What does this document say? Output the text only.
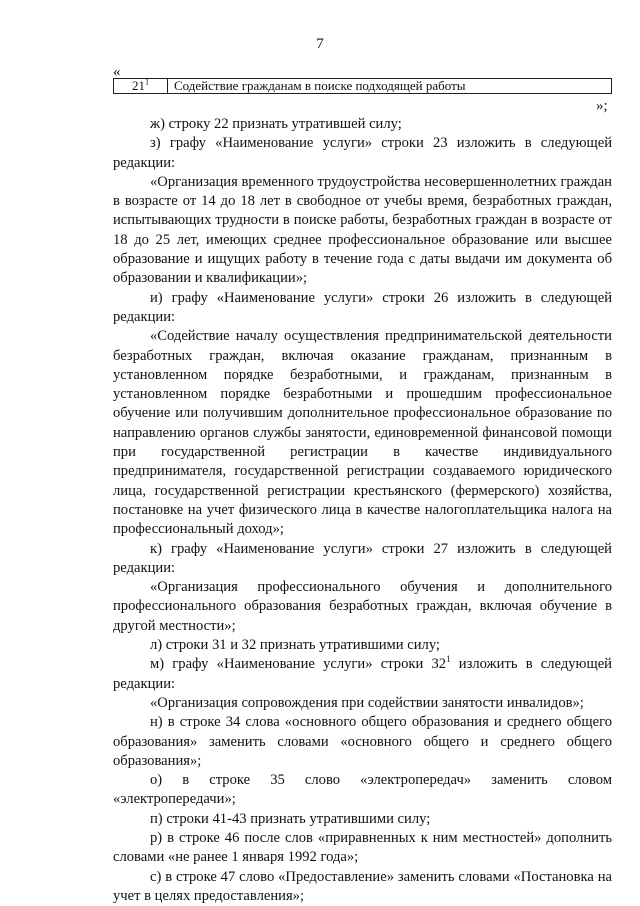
7
«
$21^1$	Содействие гражданам в поиске подходящей работы
»;

ж) строку 22 признать утратившей силу;

з) графу «Наименование услуги» строки 23 изложить в следующей редакции:

«Организация временного трудоустройства несовершеннолетних граждан в возрасте от 14 до 18 лет в свободное от учебы время, безработных граждан, испытывающих трудности в поиске работы, безработных граждан в возрасте от 18 до 25 лет, имеющих среднее профессиональное образование или высшее образование и ищущих работу в течение года с даты выдачи им документа об образовании и квалификации»;

и) графу «Наименование услуги» строки 26 изложить в следующей редакции:

«Содействие началу осуществления предпринимательской деятельности безработных граждан, включая оказание гражданам, признанным в установленном порядке безработными, и гражданам, признанным в установленном порядке безработными и прошедшим профессиональное обучение или получившим дополнительное профессиональное образование по направлению органов службы занятости, единовременной финансовой помощи при государственной регистрации в качестве индивидуального предпринимателя, государственной регистрации создаваемого юридического лица, государственной регистрации крестьянского (фермерского) хозяйства, постановке на учет физического лица в качестве налогоплательщика налога на профессиональный доход»;

к) графу «Наименование услуги» строки 27 изложить в следующей редакции:

«Организация профессионального обучения и дополнительного профессионального образования безработных граждан, включая обучение в другой местности»;

л) строки 31 и 32 признать утратившими силу;

м) графу «Наименование услуги» строки $32^1$ изложить в следующей редакции:

«Организация сопровождения при содействии занятости инвалидов»;

н) в строке 34 слова «основного общего образования и среднего общего образования» заменить словами «основного общего и среднего общего образования»;

о) в строке 35 слово «электропередач» заменить словом «электропередачи»;

п) строки 41-43 признать утратившими силу;

р) в строке 46 после слов «приравненных к ним местностей» дополнить словами «не ранее 1 января 1992 года»;

с) в строке 47 слово «Предоставление» заменить словами «Постановка на учет в целях предоставления»;
